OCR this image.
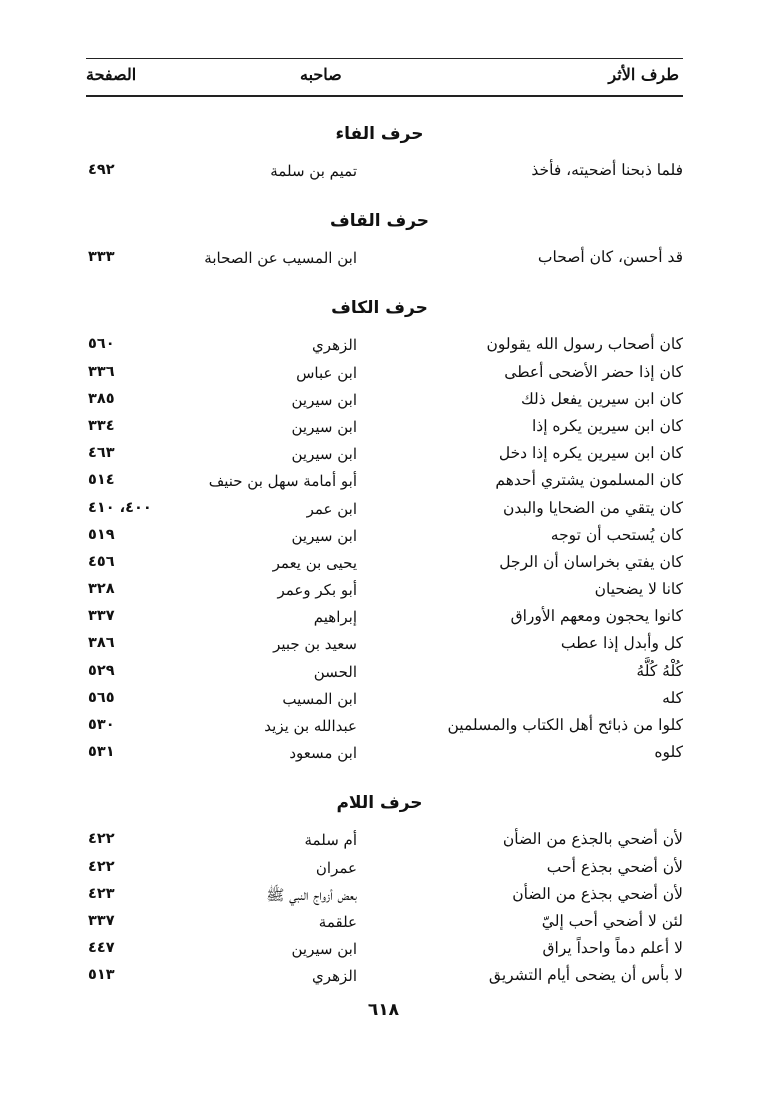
طرف الأثر
صاحبه
الصفحة
حرف الفاء
فلما ذبحنا أضحيته، فأخذ
تميم بن سلمة
٤٩٢
حرف القاف
قد أحسن، كان أصحاب
ابن المسيب عن الصحابة
٣٣٣
حرف الكاف
كان أصحاب رسول الله يقولون
الزهري
٥٦٠
كان إذا حضر الأضحى أعطى
ابن عباس
٣٣٦
كان ابن سيرين يفعل ذلك
ابن سيرين
٣٨٥
كان ابن سيرين يكره إذا
ابن سيرين
٣٣٤
كان ابن سيرين يكره إذا دخل
ابن سيرين
٤٦٣
كان المسلمون يشتري أحدهم
أبو أمامة سهل بن حنيف
٥١٤
كان يتقي من الضحايا والبدن
ابن عمر
٤٠٠، ٤١٠
كان يُستحب أن توجه
ابن سيرين
٥١٩
كان يفتي بخراسان أن الرجل
يحيى بن يعمر
٤٥٦
كانا لا يضحيان
أبو بكر وعمر
٣٢٨
كانوا يحجون ومعهم الأوراق
إبراهيم
٣٣٧
كل وأبدل إذا عطب
سعيد بن جبير
٣٨٦
كُلْهُ كُلَّهُ
الحسن
٥٢٩
كله
ابن المسيب
٥٦٥
كلوا من ذبائح أهل الكتاب والمسلمين
عبدالله بن يزيد
٥٣٠
كلوه
ابن مسعود
٥٣١
حرف اللام
لأن أضحي بالجذع من الضأن
أم سلمة
٤٢٢
لأن أضحي بجذع أحب
عمران
٤٢٢
لأن أضحي بجذع من الضأن
بعض أزواج النبي ﷺ
٤٢٣
لئن لا أضحي أحب إليّ
علقمة
٣٣٧
لا أعلم دماً واحداً يراق
ابن سيرين
٤٤٧
لا بأس أن يضحى أيام التشريق
الزهري
٥١٣
٦١٨
